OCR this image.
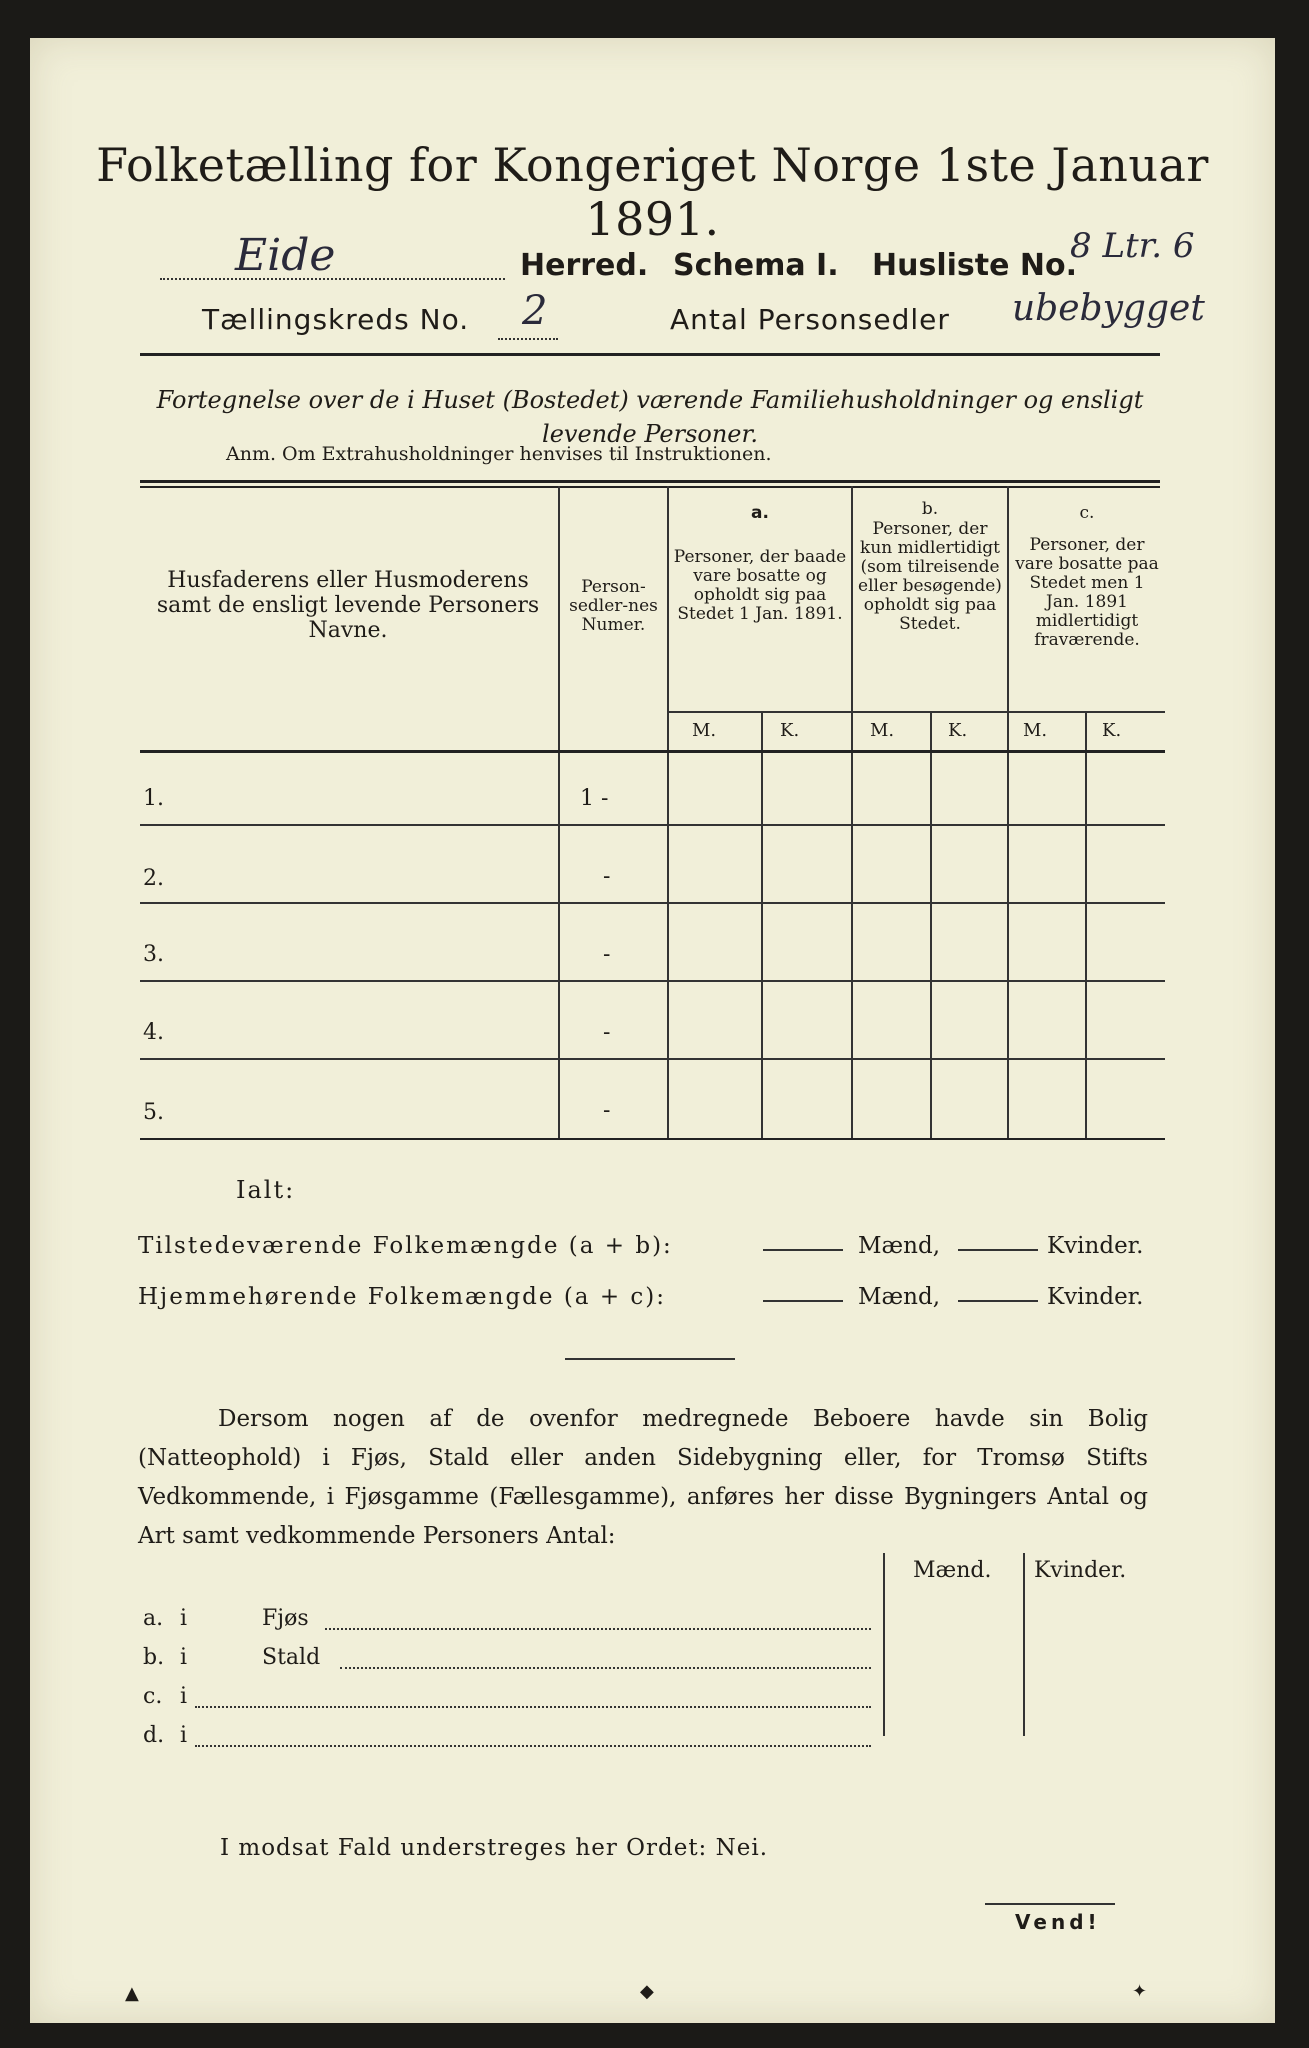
Folketælling for Kongeriget Norge 1ste Januar 1891.
Eide	Herred. Schema I. Husliste No.
8 Ltr. 6
Tællingskreds No. 2	Antal Personsedler ubebygget
Fortegnelse over de i Huset (Bostedet) værende Familiehusholdninger og ensligt levende Personer.
Anm. Om Extrahusholdninger henvises til Instruktionen.
Husfaderens eller Husmoderens samt de ensligt levende Personers Navne.
Person-sedler-nes Numer.
a.
Personer, der baade vare bosatte og opholdt sig paa Stedet 1 Jan. 1891.
b.
Personer, der kun midlertidigt (som tilreisende eller besøgende) opholdt sig paa Stedet.
c.
Personer, der vare bosatte paa Stedet men 1 Jan. 1891 midlertidigt fraværende.
M.	K.	M.	K.	M.	K.
1.	1 -
2.	-
3.	-
4.	-
5.	-
Ialt:
Tilstedeværende Folkemængde (a + b):	Mænd,	Kvinder.
Hjemmehørende Folkemængde (a + c):	Mænd,	Kvinder.
Dersom nogen af de ovenfor medregnede Beboere havde sin Bolig (Natteophold) i Fjøs, Stald eller anden Sidebygning eller, for Tromsø Stifts Vedkommende, i Fjøsgamme (Fællesgamme), anføres her disse Bygningers Antal og Art samt vedkommende Personers Antal:
Mænd. Kvinder.
a. i	Fjøs
b. i	Stald
c. i
d. i
I modsat Fald understreges her Ordet: Nei.
Vend!
▲	◆	✦
